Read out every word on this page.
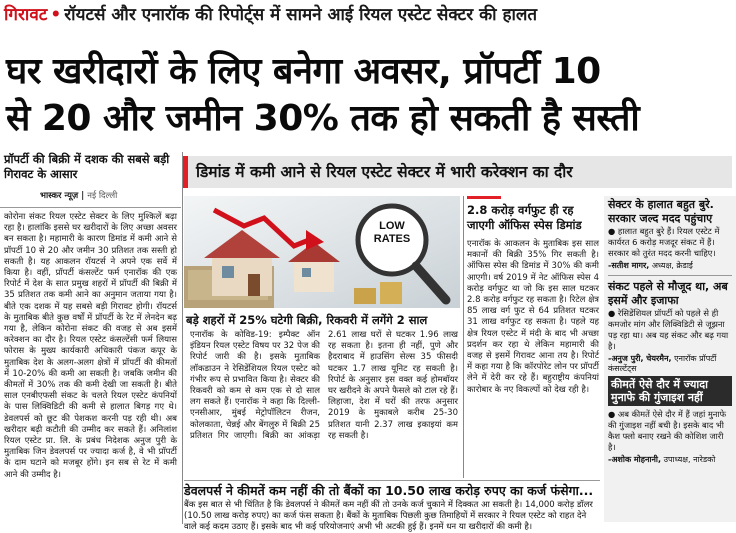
गिरावट • रॉयटर्स और एनारॉक की रिपोर्ट्स में सामने आई रियल एस्टेट सेक्टर की हालत
घर खरीदारों के लिए बनेगा अवसर, प्रॉपर्टी 10
से 20 और जमीन 30% तक हो सकती है सस्ती
प्रॉपर्टी की बिक्री में दशक की सबसे बड़ी गिरावट के आसार
भास्कर न्यूज़ | नई दिल्ली
कोरोना संकट रियल एस्टेट सेक्टर के लिए मुश्किलें बढ़ा रहा है। हालांकि इससे घर खरीदारों के लिए अच्छा अवसर बन सकता है। महामारी के कारण डिमांड में कमी आने से प्रॉपर्टी 10 से 20 और जमीन 30 प्रतिशत तक सस्ती हो सकती है। यह आकलन रॉयटर्स ने अपने एक सर्वे में किया है। वहीं, प्रॉपर्टी कंसल्टेंट फर्म एनारॉक की एक रिपोर्ट में देश के सात प्रमुख शहरों में प्रॉपर्टी की बिक्री में 35 प्रतिशत तक कमी आने का अनुमान जताया गया है। बीते एक दशक में यह सबसे बड़ी गिरावट होगी। रॉयटर्स के मुताबिक बीते कुछ वर्षों में प्रॉपर्टी के रेट में लेनदेन बढ़ गया है, लेकिन कोरोना संकट की वजह से अब इसमें करेक्शन का दौर है। रियल एस्टेट कंसल्टेंसी फर्म लियास फोरास के मुख्य कार्यकारी अधिकारी पंकज कपूर के मुताबिक देश के अलग-अलग क्षेत्रों में प्रॉपर्टी की कीमतों में 10-20% की कमी आ सकती है। जबकि जमीन की कीमतों में 30% तक की कमी देखी जा सकती है। बीते साल एनबीएफसी संकट के चलते रियल एस्टेट कंपनियों के पास लिक्विडिटी की कमी से हालात बिगड़ गए थे। डेवलपर्स को छूट की पेशकश करनी पड़ रही थी। अब खरीदार बढ़ी कटौती की उम्मीद कर सकते हैं। अनिलांश रियल एस्टेट प्रा. लि. के प्रबंध निदेशक अनुज पुरी के मुताबिक जिन डेवलपर्स पर ज्यादा कर्ज है, वे भी प्रॉपर्टी के दाम घटाने को मजबूर होंगे। इन सब से रेट में कमी आने की उम्मीद है।
डिमांड में कमी आने से रियल एस्टेट सेक्टर में भारी करेक्शन का दौर
LOW RATES
बड़े शहरों में 25% घटेगी बिक्री, रिकवरी में लगेंगे 2 साल
एनारॉक के कोविड-19: इम्पैक्ट ऑन इंडियन रियल एस्टेट विषय पर 32 पेज की रिपोर्ट जारी की है। इसके मुताबिक लॉकडाउन ने रेसिडेंशियल रियल एस्टेट को गंभीर रूप से प्रभावित किया है। सेक्टर की रिकवरी को कम से कम एक से दो साल लग सकते हैं। एनारॉक ने कहा कि दिल्ली-एनसीआर, मुंबई मेट्रोपॉलिटन रीजन, कोलकाता, चेन्नई और बेंगलुरु में बिक्री 25 प्रतिशत गिर जाएगी। बिक्री का आंकड़ा 2.61 लाख घरों से घटकर 1.96 लाख रह सकता है। इतना ही नहीं, पुणे और हैदराबाद में हाउसिंग सेल्स 35 फीसदी घटकर 1.7 लाख यूनिट रह सकती है। रिपोर्ट के अनुसार इस वक्त कई होमबॉयर घर खरीदने के अपने फैसले को टाल रहे हैं। लिहाजा, देश में घरों की तरफ अनुसार 2019 के मुकाबले करीब 25-30 प्रतिशत यानी 2.37 लाख इकाइयां कम रह सकती है।
2.8 करोड़ वर्गफुट ही रह जाएगी ऑफिस स्पेस डिमांड
एनारॉक के आकलन के मुताबिक इस साल मकानों की बिक्री 35% गिर सकती है। ऑफिस स्पेस की डिमांड में 30% की कमी आएगी। वर्ष 2019 में नेट ऑफिस स्पेस 4 करोड़ वर्गफुट था जो कि इस साल घटकर 2.8 करोड़ वर्गफुट रह सकता है। रिटेल क्षेत्र 85 लाख वर्ग फुट से 64 प्रतिशत घटकर 31 लाख वर्गफुट रह सकता है। पहले यह क्षेत्र रियल एस्टेट में मंदी के बाद भी अच्छा प्रदर्शन कर रहा थे लेकिन महामारी की वजह से इसमें गिरावट आना तय है। रिपोर्ट में कहा गया है कि कॉरपोरेट लोन पर प्रॉपर्टी लेने में देरी कर रहे हैं। बहुराष्ट्रीय कंपनियां कारोबार के नए विकल्पों को देख रही है।
सेक्टर के हालात बहुत बुरे. सरकार जल्द मदद पहुंचाए
● हालात बहुत बुरे हैं। रियल एस्टेट में कार्यरत 6 करोड़ मजदूर संकट में हैं। सरकार को तुरंत मदद करनी चाहिए।
-सतीश मागर, अध्यक्ष, क्रेडाई
संकट पहले से मौजूद था, अब इसमें और इजाफा
● रेसिडेंशियल प्रॉपर्टी को पहले से ही कमजोर मांग और लिक्विडिटी से जूझना पड़ रहा था। अब यह संकट और बढ़ गया है।
-अनुज पुरी, चेयरमैन, एनारॉक प्रॉपर्टी कंसल्टेंट्स
कीमतें ऐसे दौर में ज्यादा मुनाफे की गुंजाइश नहीं
● अब कीमतें ऐसे दौर में हैं जहां मुनाफे की गुंजाइश नहीं बची है। इसके बाद भी कैश फ्लो बनाए रखने की कोशिश जारी है।
-अशोक मोहनानी, उपाध्यक्ष, नारेडको
डेवलपर्स ने कीमतें कम नहीं की तो बैंकों का 10.50 लाख करोड़ रुपए का कर्ज फंसेगा...
बैंक इस बात से भी चिंतित है कि डेवलपर्स ने कीमतें कम नहीं कीं तो उनके कर्ज चुकाने में दिक्कत आ सकती है। 14,000 करोड़ डॉलर (10.50 लाख करोड़ रुपए) का कर्ज फंस सकता है। बैंकों के मुताबिक पिछली कुछ तिमाहियों में सरकार ने रियल एस्टेट को राहत देने वाले कई कदम उठाए हैं। इसके बाद भी कई परियोजनाएं अभी भी अटकी हुई हैं। इनमें धन या खरीदारों की कमी है।
